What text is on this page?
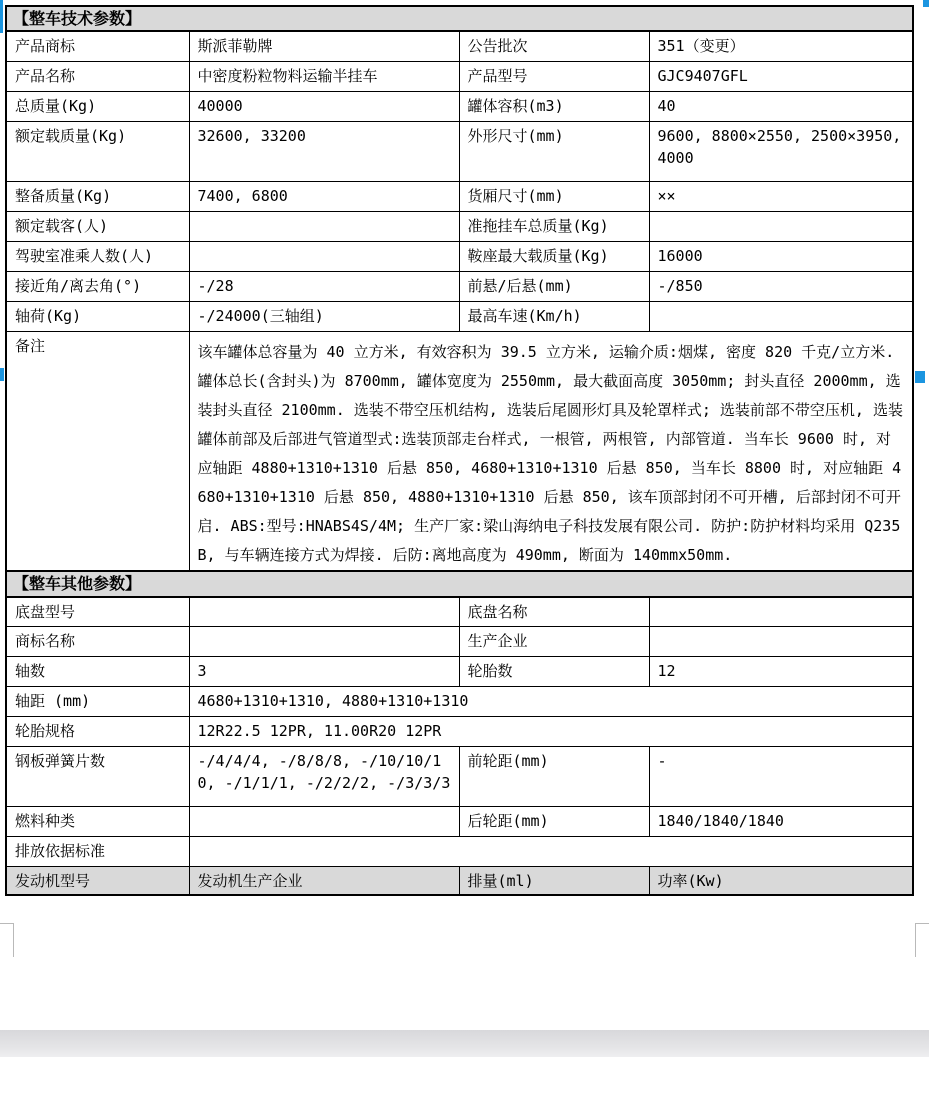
【整车技术参数】			
产品商标	斯派菲勒牌	公告批次	351（变更）
产品名称	中密度粉粒物料运输半挂车	产品型号	GJC9407GFL
总质量(Kg)	40000	罐体容积(m3)	40
额定载质量(Kg)	32600, 33200	外形尺寸(mm)	9600, 8800×2550, 2500×3950, 4000
整备质量(Kg)	7400, 6800	货厢尺寸(mm)	××
额定载客(人)		准拖挂车总质量(Kg)	
驾驶室准乘人数(人)		鞍座最大载质量(Kg)	16000
接近角/离去角(°)	-/28	前悬/后悬(mm)	-/850
轴荷(Kg)	-/24000(三轴组)	最高车速(Km/h)	
备注	该车罐体总容量为 40 立方米, 有效容积为 39.5 立方米, 运输介质:烟煤, 密度 820 千克/立方米. 罐体总长(含封头)为 8700mm, 罐体宽度为 2550mm, 最大截面高度 3050mm; 封头直径 2000mm, 选装封头直径 2100mm. 选装不带空压机结构, 选装后尾圆形灯具及轮罩样式; 选装前部不带空压机, 选装罐体前部及后部进气管道型式:选装顶部走台样式, 一根管, 两根管, 内部管道. 当车长 9600 时, 对应轴距 4880+1310+1310 后悬 850, 4680+1310+1310 后悬 850, 当车长 8800 时, 对应轴距 4680+1310+1310 后悬 850, 4880+1310+1310 后悬 850, 该车顶部封闭不可开槽, 后部封闭不可开启. ABS:型号:HNABS4S/4M; 生产厂家:梁山海纳电子科技发展有限公司. 防护:防护材料均采用 Q235B, 与车辆连接方式为焊接. 后防:离地高度为 490mm, 断面为 140mmx50mm.		
【整车其他参数】			
底盘型号		底盘名称	
商标名称		生产企业	
轴数	3	轮胎数	12
轴距 (mm)	4680+1310+1310, 4880+1310+1310		
轮胎规格	12R22.5 12PR, 11.00R20 12PR		
钢板弹簧片数	-/4/4/4, -/8/8/8, -/10/10/10, -/1/1/1, -/2/2/2, -/3/3/3	前轮距(mm)	-
燃料种类		后轮距(mm)	1840/1840/1840
排放依据标准			
发动机型号	发动机生产企业	排量(ml)	功率(Kw)
